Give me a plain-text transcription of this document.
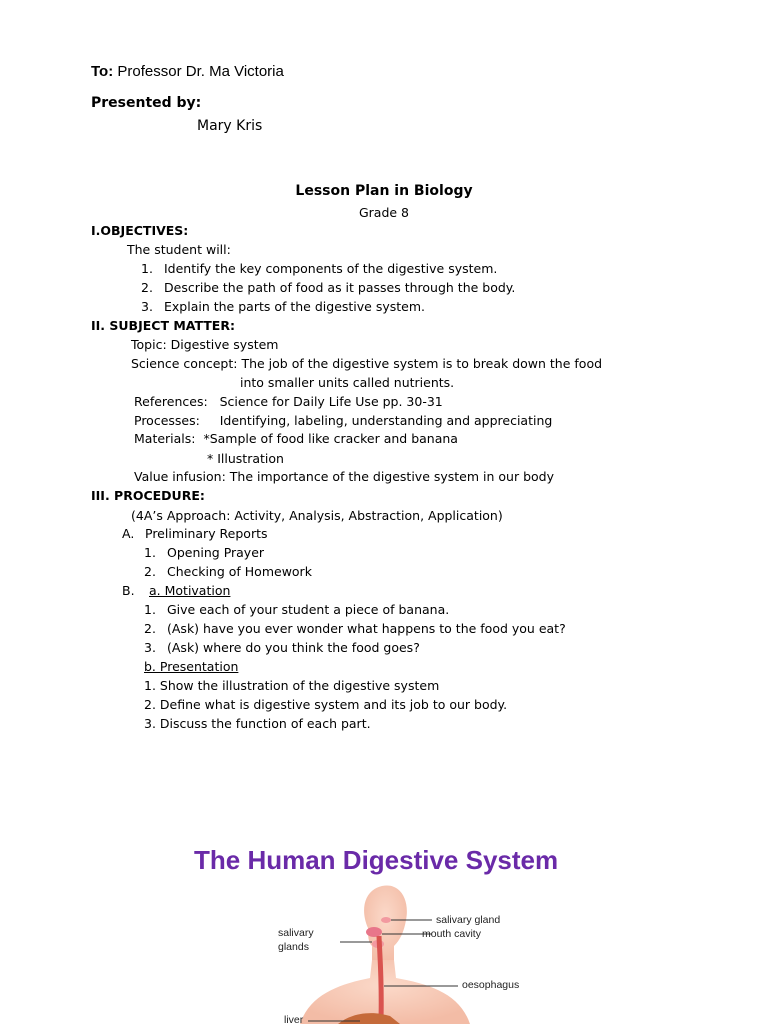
To: Professor Dr. Ma Victoria
Presented by:
Mary Kris
Lesson Plan in Biology
Grade 8
I.OBJECTIVES:
The student will:
1. Identify the key components of the digestive system.
2. Describe the path of food as it passes through the body.
3. Explain the parts of the digestive system.
II. SUBJECT MATTER:
Topic: Digestive system
Science concept: The job of the digestive system is to break down the food
into smaller units called nutrients.
References:   Science for Daily Life Use pp. 30-31
Processes:     Identifying, labeling, understanding and appreciating
Materials:  *Sample of food like cracker and banana
* Illustration
Value infusion: The importance of the digestive system in our body
III. PROCEDURE:
(4A’s Approach: Activity, Analysis, Abstraction, Application)
A. Preliminary Reports
1. Opening Prayer
2. Checking of Homework
B. a. Motivation
1. Give each of your student a piece of banana.
2. (Ask) have you ever wonder what happens to the food you eat?
3. (Ask) where do you think the food goes?
b. Presentation
1. Show the illustration of the digestive system
2. Define what is digestive system and its job to our body.
3. Discuss the function of each part.
The Human Digestive System
salivary
glands
salivary gland
mouth cavity
oesophagus
liver
